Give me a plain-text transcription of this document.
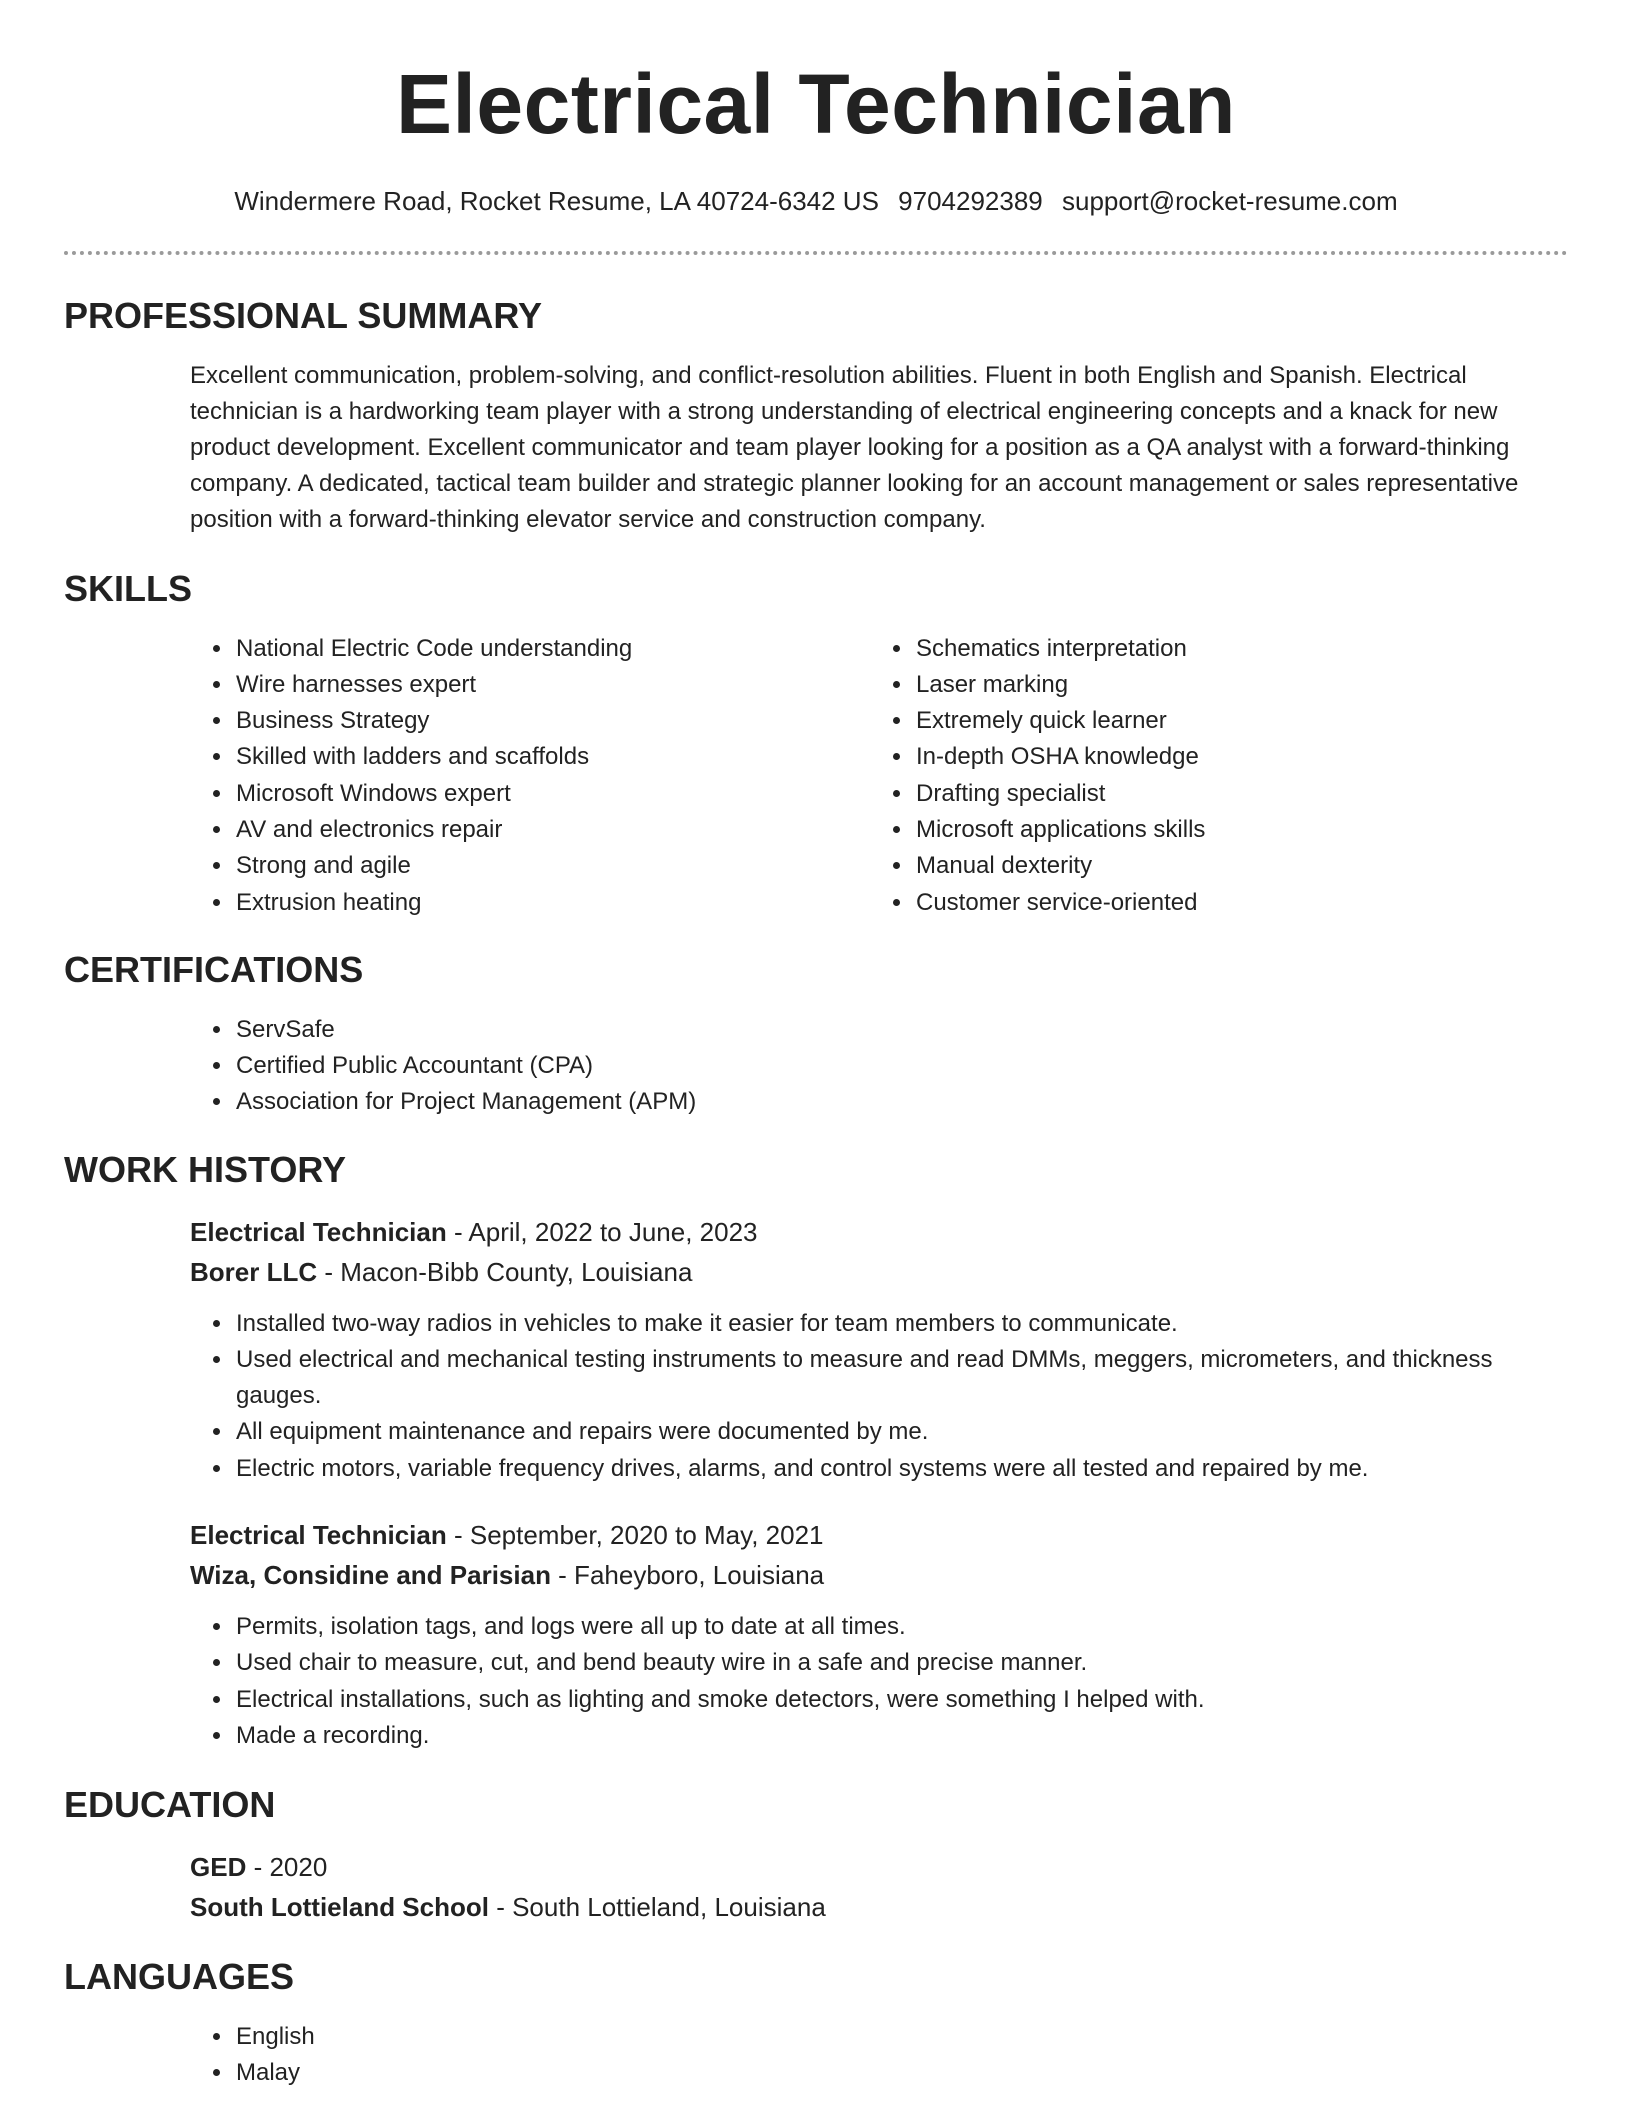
Electrical Technician
Windermere Road, Rocket Resume, LA 40724-6342 US 9704292389 support@rocket-resume.com
PROFESSIONAL SUMMARY

Excellent communication, problem-solving, and conflict-resolution abilities. Fluent in both English and Spanish. Electrical technician is a hardworking team player with a strong understanding of electrical engineering concepts and a knack for new product development. Excellent communicator and team player looking for a position as a QA analyst with a forward-thinking company. A dedicated, tactical team builder and strategic planner looking for an account management or sales representative position with a forward-thinking elevator service and construction company.

SKILLS
• National Electric Code understanding
• Wire harnesses expert
• Business Strategy
• Skilled with ladders and scaffolds
• Microsoft Windows expert
• AV and electronics repair
• Strong and agile
• Extrusion heating
• Schematics interpretation
• Laser marking
• Extremely quick learner
• In-depth OSHA knowledge
• Drafting specialist
• Microsoft applications skills
• Manual dexterity
• Customer service-oriented
CERTIFICATIONS
• ServSafe
• Certified Public Accountant (CPA)
• Association for Project Management (APM)
WORK HISTORY
Electrical Technician - April, 2022 to June, 2023
Borer LLC - Macon-Bibb County, Louisiana
• Installed two-way radios in vehicles to make it easier for team members to communicate.
• Used electrical and mechanical testing instruments to measure and read DMMs, meggers, micrometers, and thickness gauges.
• All equipment maintenance and repairs were documented by me.
• Electric motors, variable frequency drives, alarms, and control systems were all tested and repaired by me.
Electrical Technician - September, 2020 to May, 2021
Wiza, Considine and Parisian - Faheyboro, Louisiana
• Permits, isolation tags, and logs were all up to date at all times.
• Used chair to measure, cut, and bend beauty wire in a safe and precise manner.
• Electrical installations, such as lighting and smoke detectors, were something I helped with.
• Made a recording.
EDUCATION
GED - 2020
South Lottieland School - South Lottieland, Louisiana
LANGUAGES
• English
• Malay
